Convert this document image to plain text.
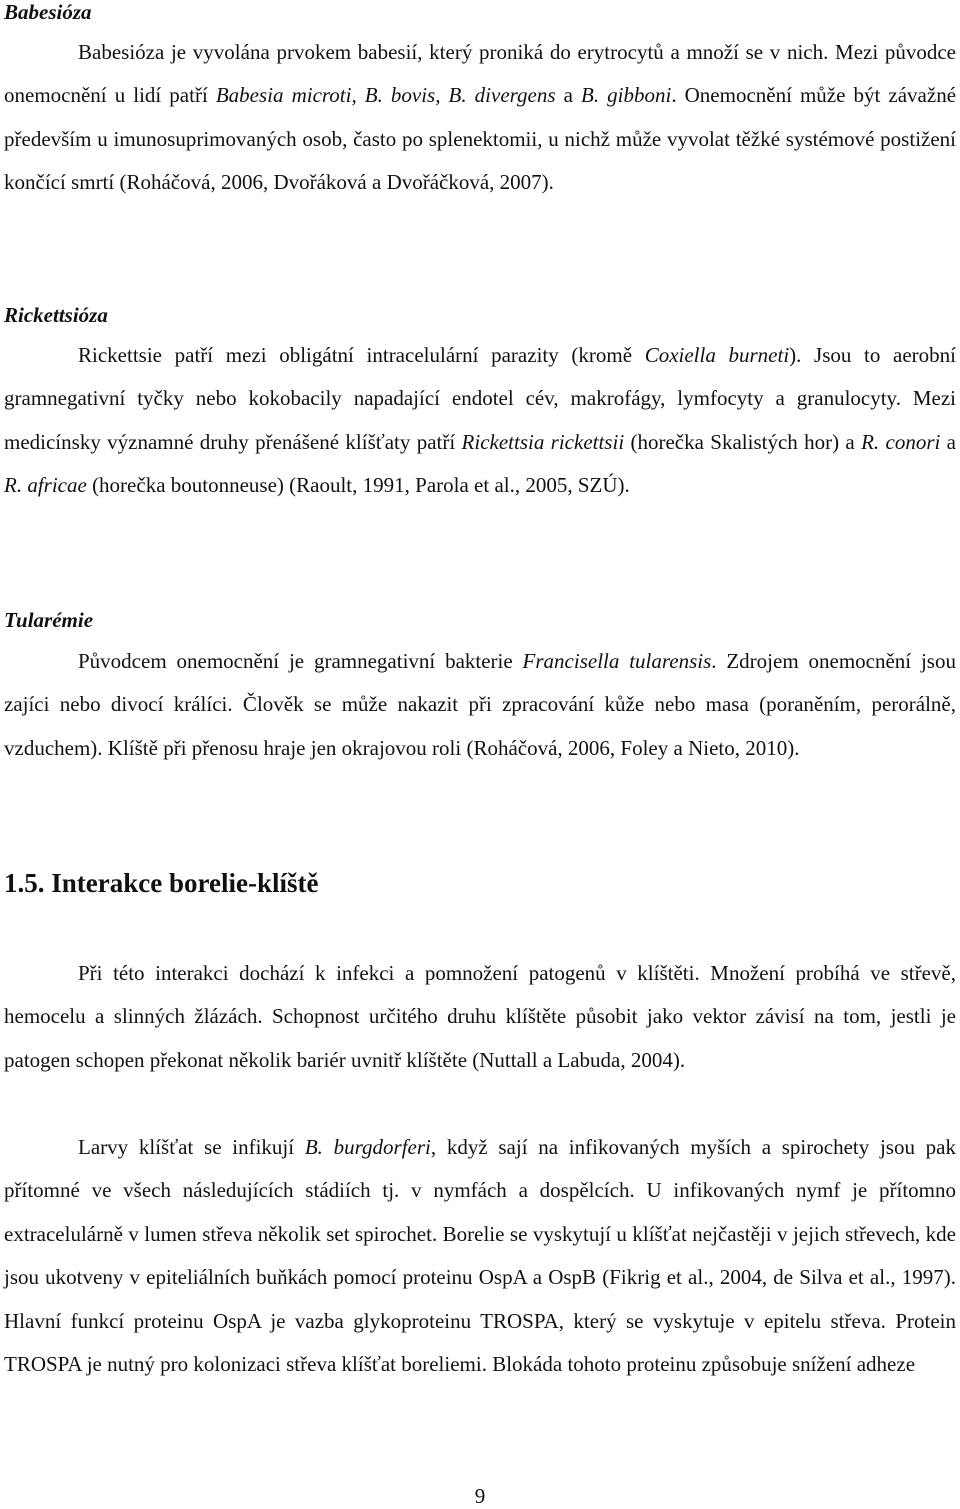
Babesióza

Babesióza je vyvolána prvokem babesií, který proniká do erytrocytů a množí se v nich. Mezi původce onemocnění u lidí patří Babesia microti, B. bovis, B. divergens a B. gibboni. Onemocnění může být závažné především u imunosuprimovaných osob, často po splenektomii, u nichž může vyvolat těžké systémové postižení končící smrtí (Roháčová, 2006, Dvořáková a Dvořáčková, 2007).

Rickettsióza

Rickettsie patří mezi obligátní intracelulární parazity (kromě Coxiella burneti). Jsou to aerobní gramnegativní tyčky nebo kokobacily napadající endotel cév, makrofágy, lymfocyty a granulocyty. Mezi medicínsky významné druhy přenášené klíšťaty patří Rickettsia rickettsii (horečka Skalistých hor) a R. conori a R. africae (horečka boutonneuse) (Raoult, 1991, Parola et al., 2005, SZÚ).

Tularémie

Původcem onemocnění je gramnegativní bakterie Francisella tularensis. Zdrojem onemocnění jsou zajíci nebo divocí králíci. Člověk se může nakazit při zpracování kůže nebo masa (poraněním, perorálně, vzduchem). Klíště při přenosu hraje jen okrajovou roli (Roháčová, 2006, Foley a Nieto, 2010).

1.5. Interakce borelie-klíště

Při této interakci dochází k infekci a pomnožení patogenů v klíštěti. Množení probíhá ve střevě, hemocelu a slinných žlázách. Schopnost určitého druhu klíštěte působit jako vektor závisí na tom, jestli je patogen schopen překonat několik bariér uvnitř klíštěte (Nuttall a Labuda, 2004).

Larvy klíšťat se infikují B. burgdorferi, když sají na infikovaných myších a spirochety jsou pak přítomné ve všech následujících stádiích tj. v nymfách a dospělcích. U infikovaných nymf je přítomno extracelulárně v lumen střeva několik set spirochet. Borelie se vyskytují u klíšťat nejčastěji v jejich střevech, kde jsou ukotveny v epiteliálních buňkách pomocí proteinu OspA a OspB (Fikrig et al., 2004, de Silva et al., 1997). Hlavní funkcí proteinu OspA je vazba glykoproteinu TROSPA, který se vyskytuje v epitelu střeva. Protein TROSPA je nutný pro kolonizaci střeva klíšťat boreliemi. Blokáda tohoto proteinu způsobuje snížení adheze

9
